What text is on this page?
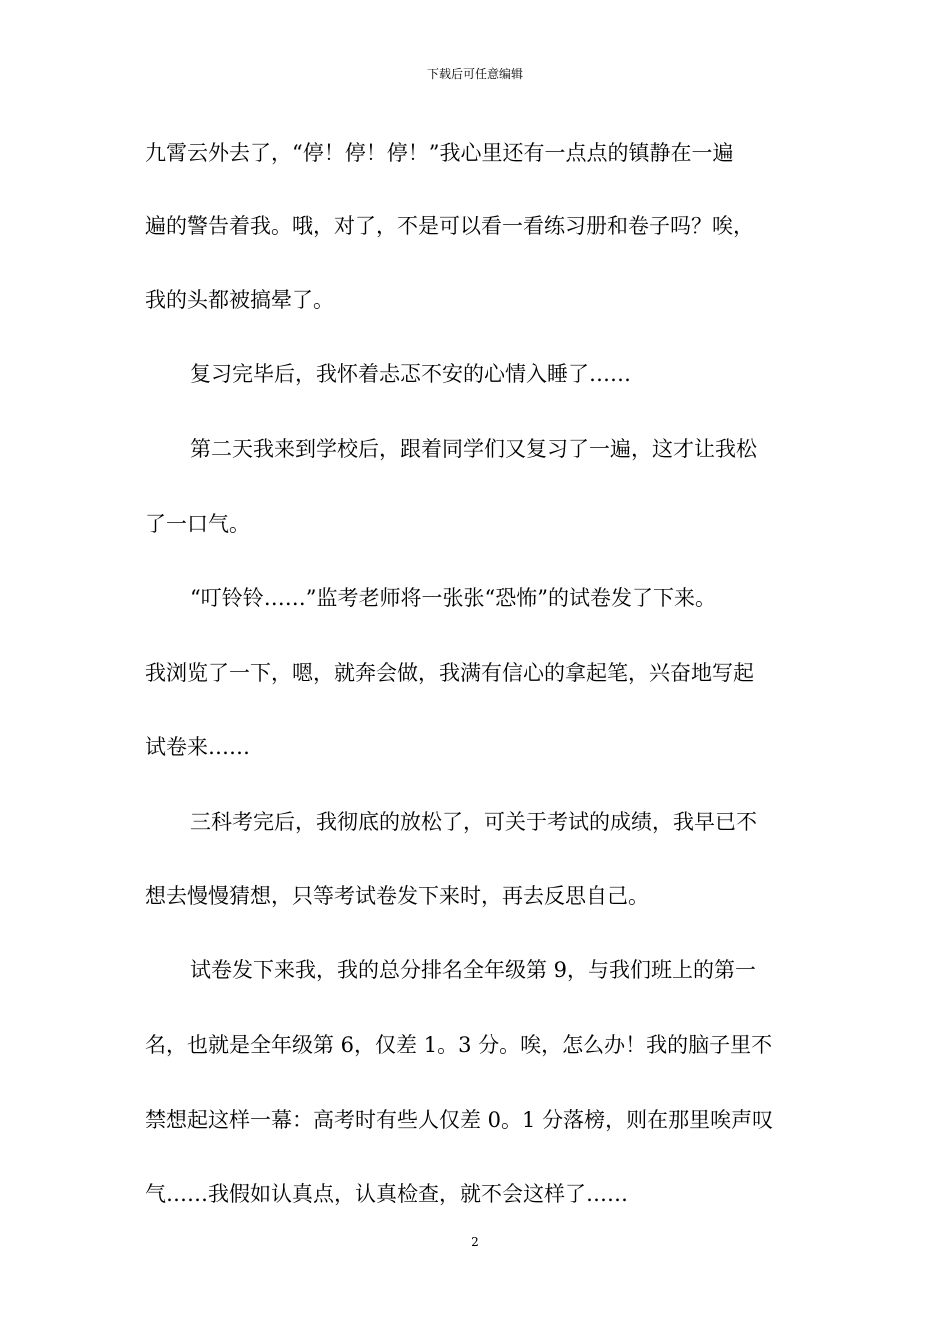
下载后可任意编辑
九霄云外去了，“停！停！停！”我心里还有一点点的镇静在一遍
遍的警告着我。哦，对了，不是可以看一看练习册和卷子吗？唉，
我的头都被搞晕了。
复习完毕后，我怀着忐忑不安的心情入睡了……
第二天我来到学校后，跟着同学们又复习了一遍，这才让我松
了一口气。
“叮铃铃……”监考老师将一张张“恐怖”的试卷发了下来。
我浏览了一下，嗯，就奔会做，我满有信心的拿起笔，兴奋地写起
试卷来……
三科考完后，我彻底的放松了，可关于考试的成绩，我早已不
想去慢慢猜想，只等考试卷发下来时，再去反思自己。
试卷发下来我，我的总分排名全年级第 9，与我们班上的第一
名，也就是全年级第 6，仅差 1。3 分。唉，怎么办！我的脑子里不
禁想起这样一幕：高考时有些人仅差 0。1 分落榜，则在那里唉声叹
气……我假如认真点，认真检查，就不会这样了……
2
